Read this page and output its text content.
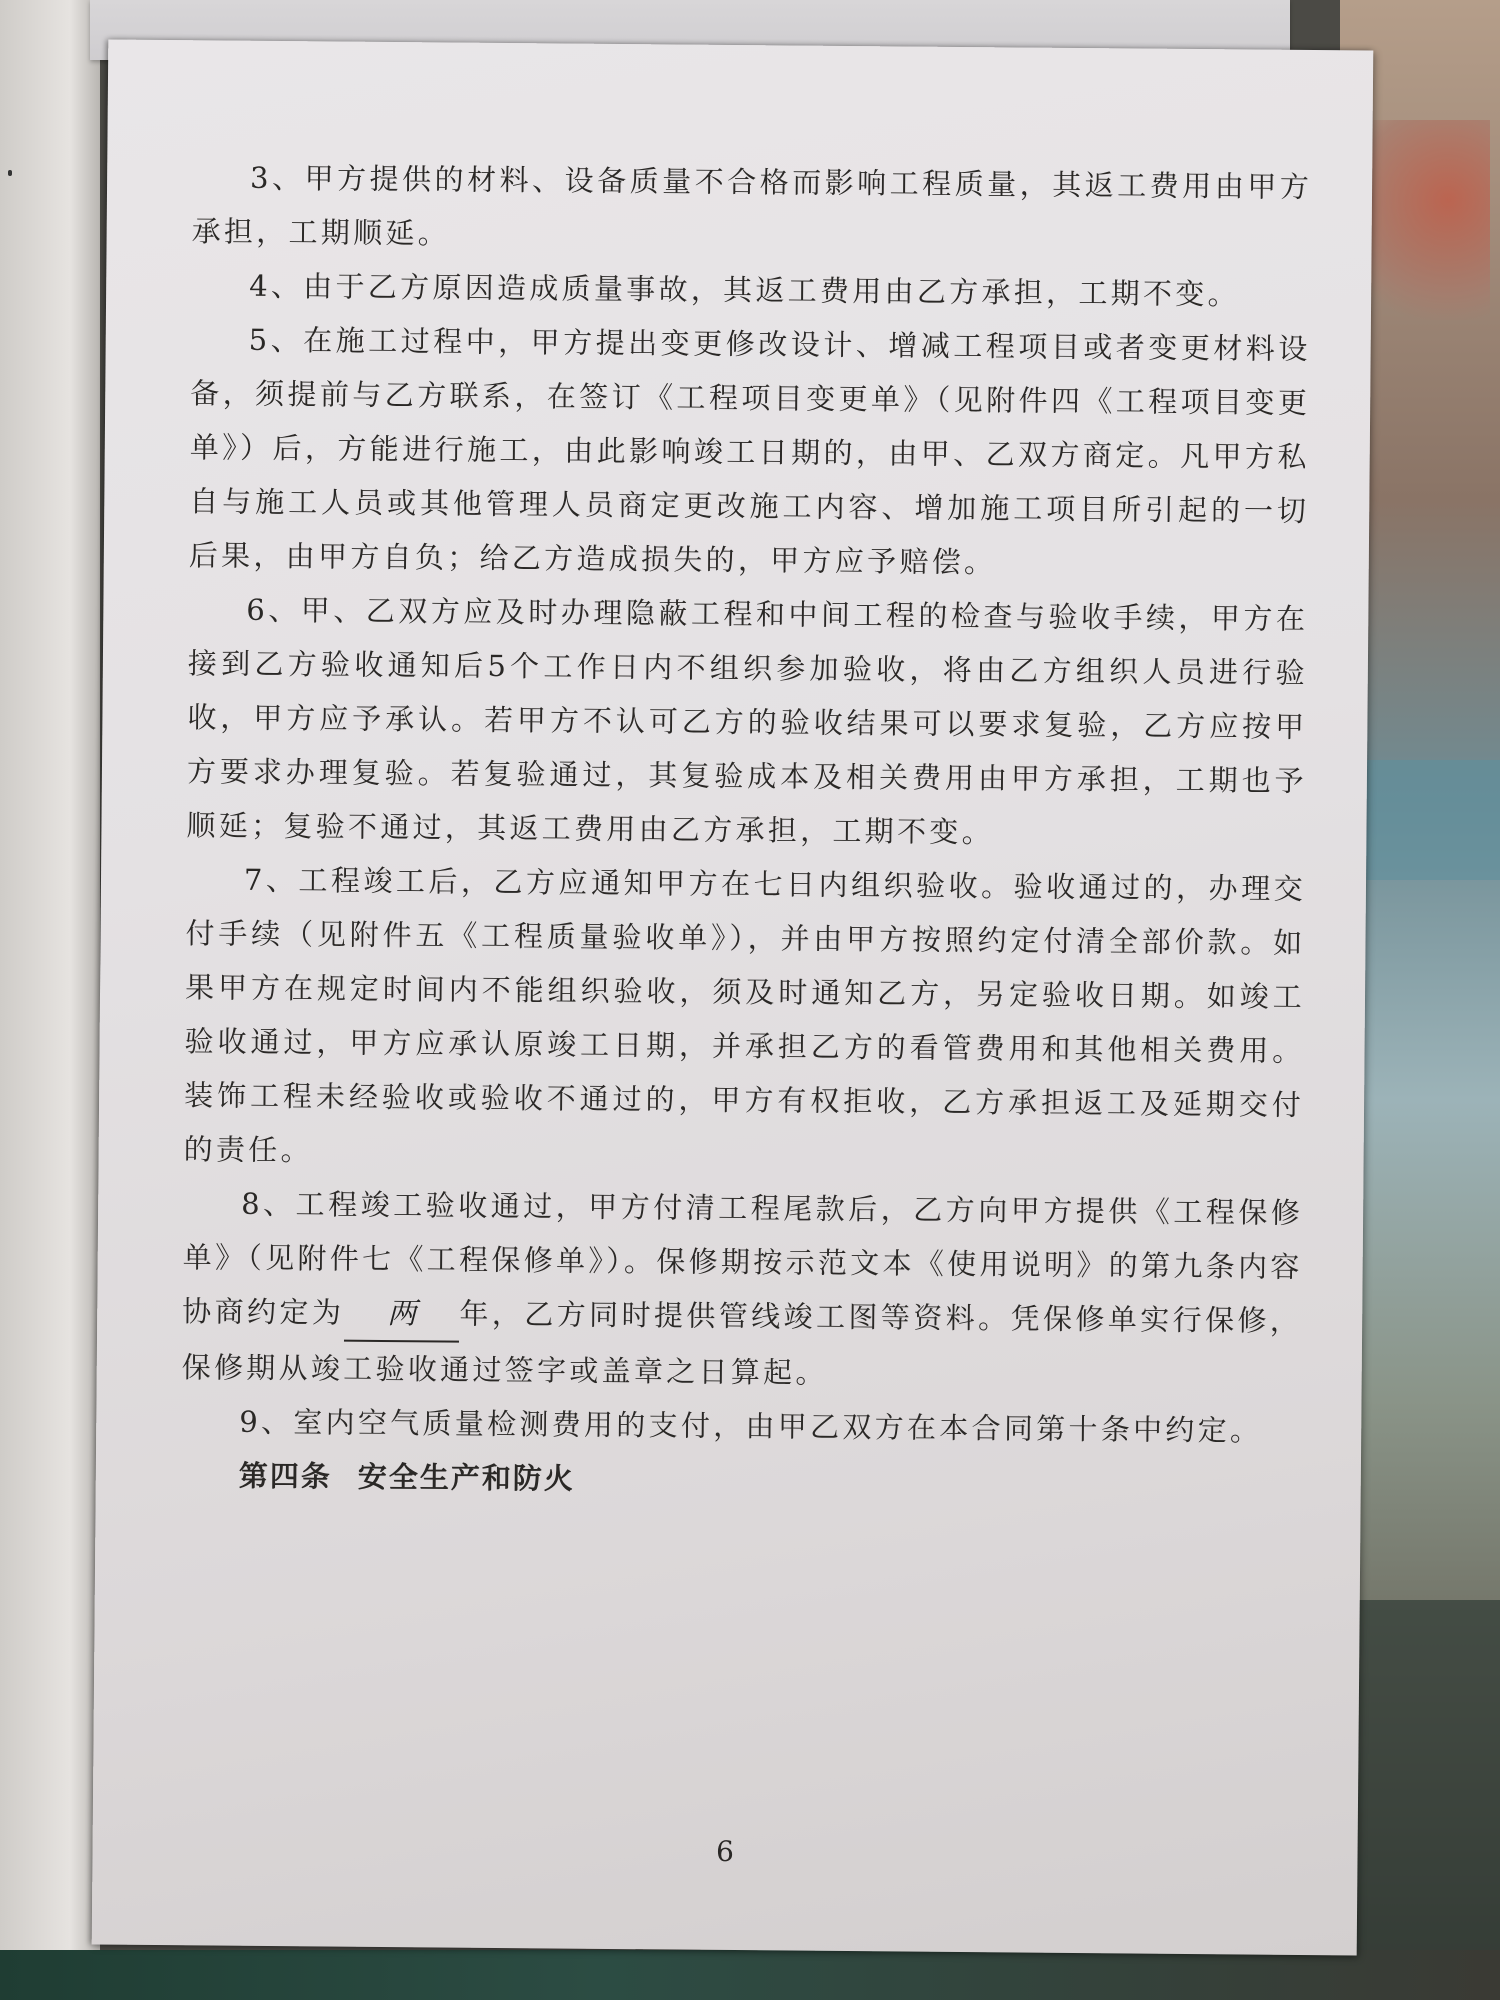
3、甲方提供的材料、设备质量不合格而影响工程质量，其返工费用由甲方承担，工期顺延。

4、由于乙方原因造成质量事故，其返工费用由乙方承担，工期不变。

5、在施工过程中，甲方提出变更修改设计、增减工程项目或者变更材料设备，须提前与乙方联系，在签订《工程项目变更单》（见附件四《工程项目变更单》）后，方能进行施工，由此影响竣工日期的，由甲、乙双方商定。凡甲方私自与施工人员或其他管理人员商定更改施工内容、增加施工项目所引起的一切后果，由甲方自负；给乙方造成损失的，甲方应予赔偿。

6、甲、乙双方应及时办理隐蔽工程和中间工程的检查与验收手续，甲方在接到乙方验收通知后5个工作日内不组织参加验收，将由乙方组织人员进行验收，甲方应予承认。若甲方不认可乙方的验收结果可以要求复验，乙方应按甲方要求办理复验。若复验通过，其复验成本及相关费用由甲方承担，工期也予顺延；复验不通过，其返工费用由乙方承担，工期不变。

7、工程竣工后，乙方应通知甲方在七日内组织验收。验收通过的，办理交付手续（见附件五《工程质量验收单》），并由甲方按照约定付清全部价款。如果甲方在规定时间内不能组织验收，须及时通知乙方，另定验收日期。如竣工验收通过，甲方应承认原竣工日期，并承担乙方的看管费用和其他相关费用。装饰工程未经验收或验收不通过的，甲方有权拒收，乙方承担返工及延期交付的责任。

8、工程竣工验收通过，甲方付清工程尾款后，乙方向甲方提供《工程保修单》（见附件七《工程保修单》）。保修期按示范文本《使用说明》的第九条内容协商约定为 两 年，乙方同时提供管线竣工图等资料。凭保修单实行保修，保修期从竣工验收通过签字或盖章之日算起。

9、室内空气质量检测费用的支付，由甲乙双方在本合同第十条中约定。

第四条 安全生产和防火

6
